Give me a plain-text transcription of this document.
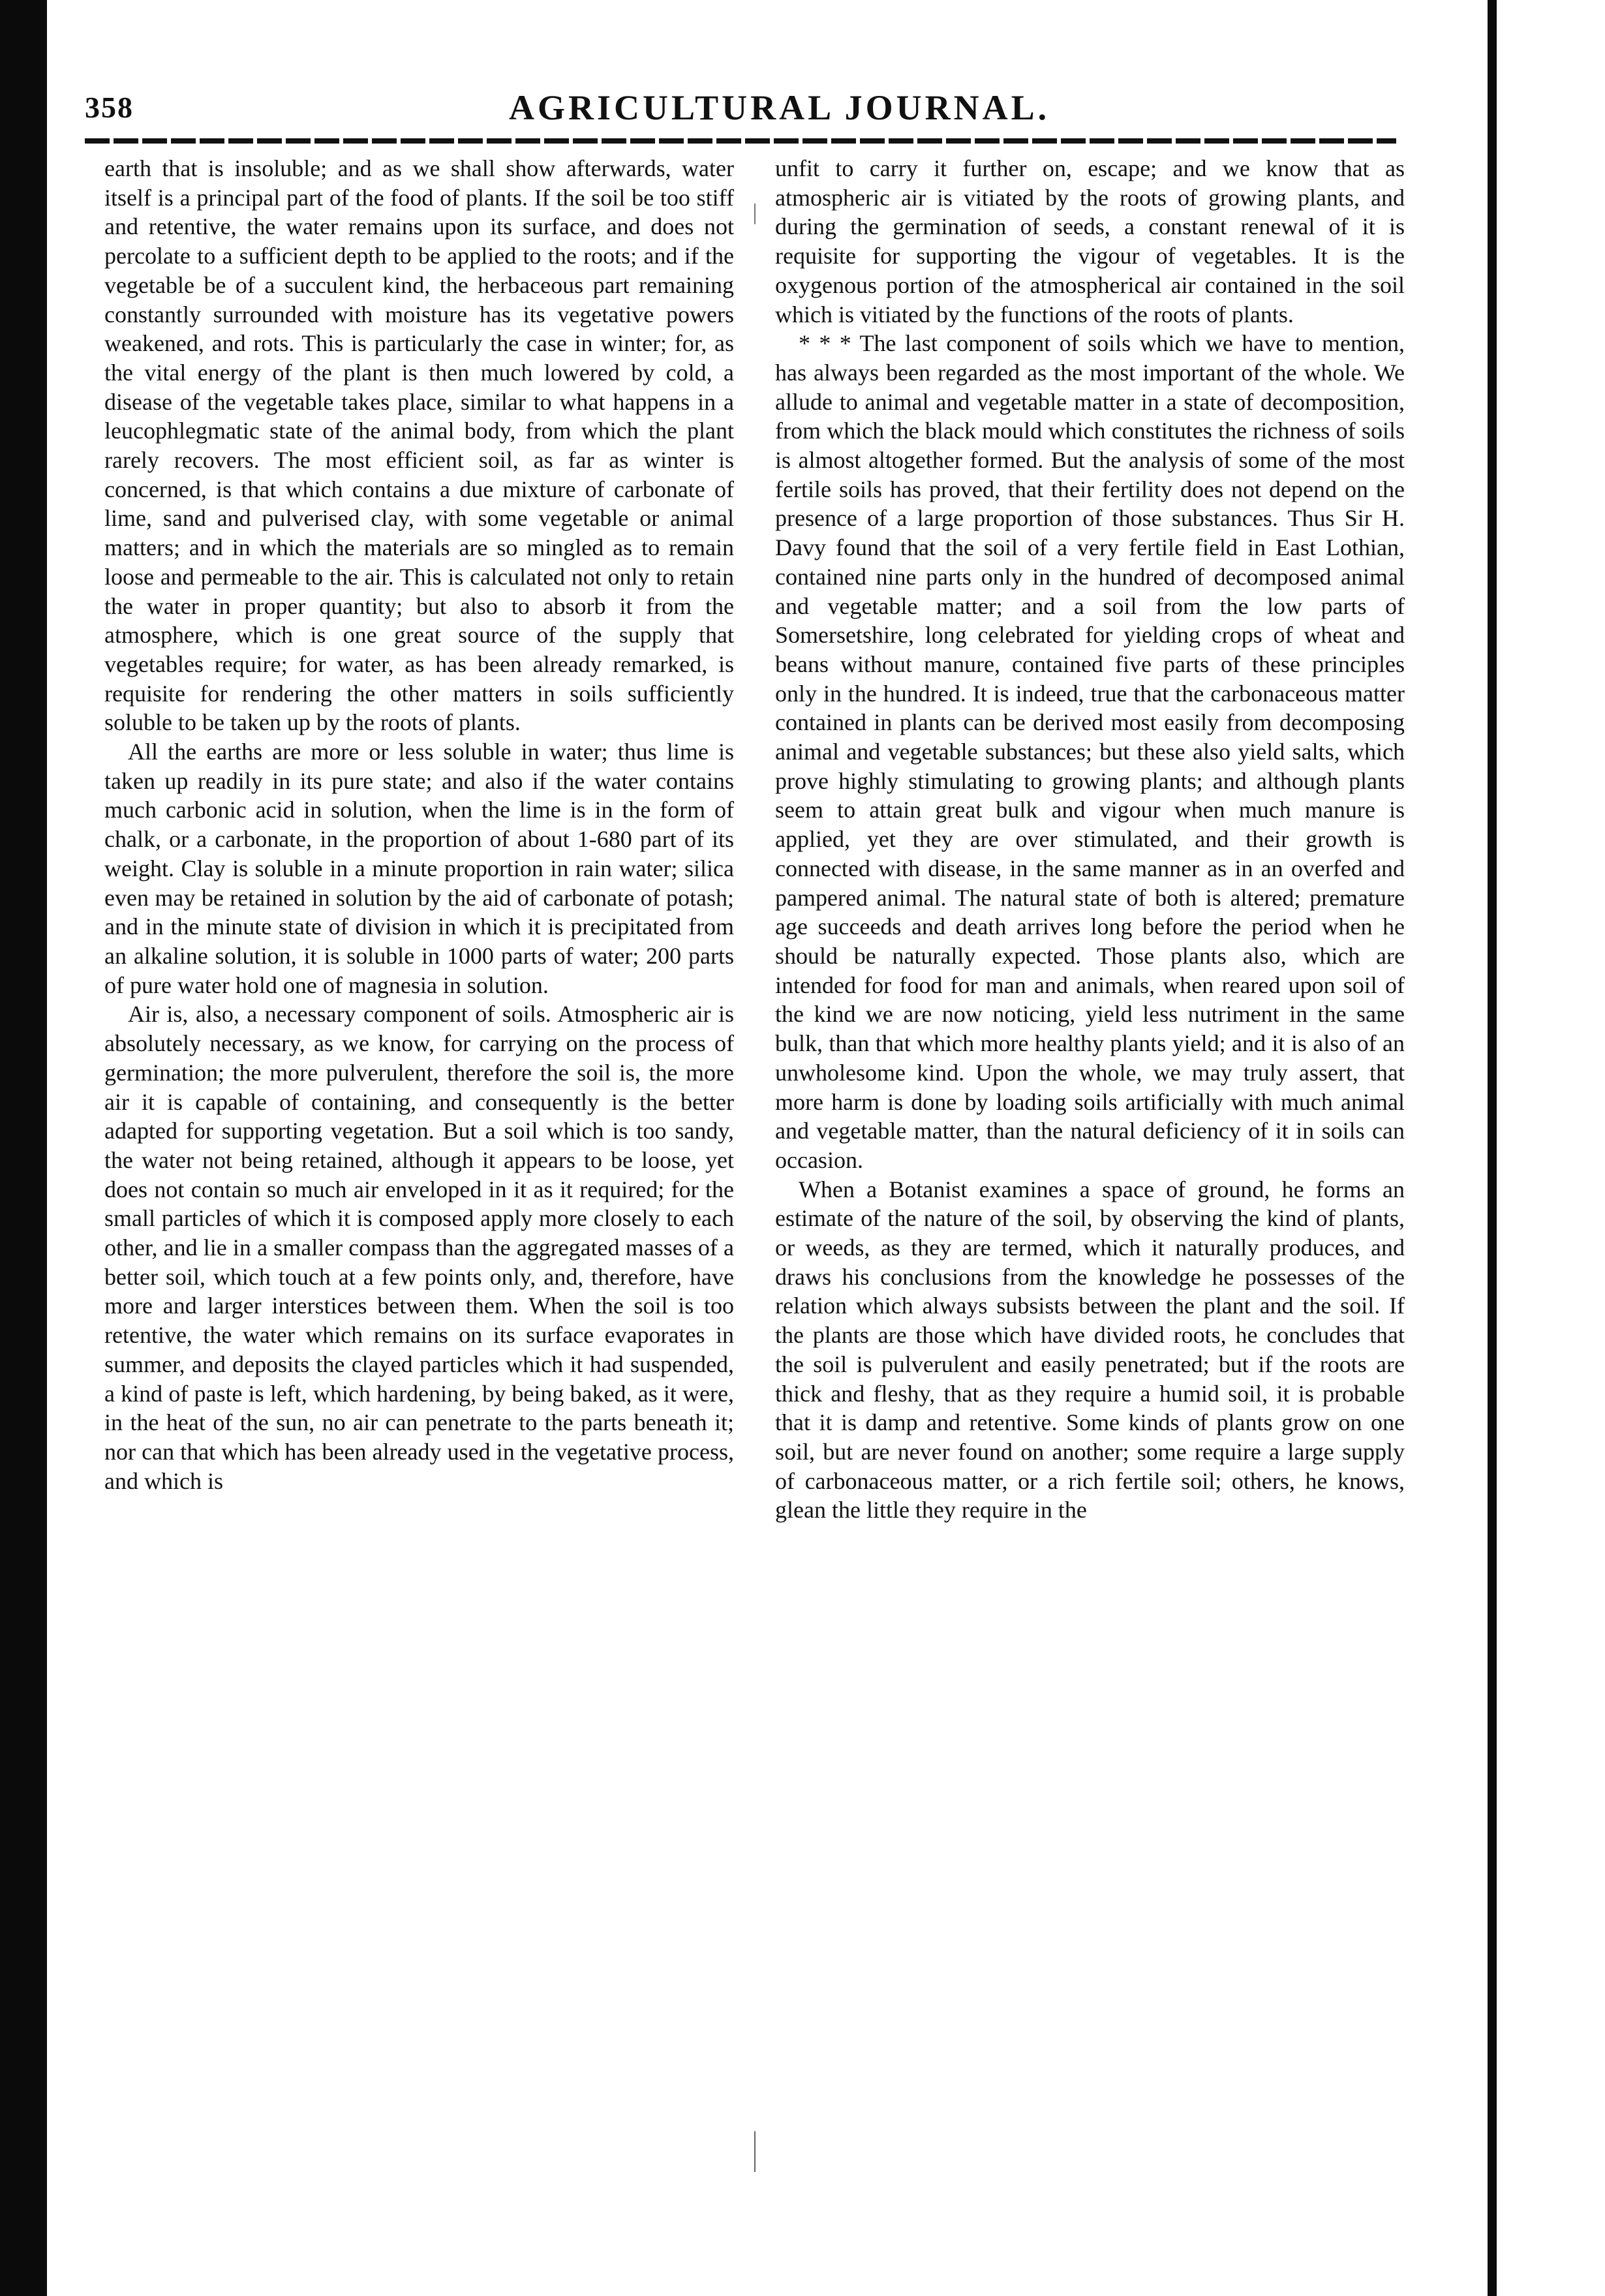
358	AGRICULTURAL JOURNAL.

earth that is insoluble; and as we shall show afterwards, water itself is a principal part of the food of plants. If the soil be too stiff and retentive, the water remains upon its surface, and does not percolate to a sufficient depth to be applied to the roots; and if the vegetable be of a succulent kind, the herbaceous part remaining constantly surrounded with moisture has its vegetative powers weakened, and rots. This is particularly the case in winter; for, as the vital energy of the plant is then much lowered by cold, a disease of the vegetable takes place, similar to what happens in a leucophlegmatic state of the animal body, from which the plant rarely recovers. The most efficient soil, as far as winter is concerned, is that which contains a due mixture of carbonate of lime, sand and pulverised clay, with some vegetable or animal matters; and in which the materials are so mingled as to remain loose and permeable to the air. This is calculated not only to retain the water in proper quantity; but also to absorb it from the atmosphere, which is one great source of the supply that vegetables require; for water, as has been already remarked, is requisite for rendering the other matters in soils sufficiently soluble to be taken up by the roots of plants.

All the earths are more or less soluble in water; thus lime is taken up readily in its pure state; and also if the water contains much carbonic acid in solution, when the lime is in the form of chalk, or a carbonate, in the proportion of about 1-680 part of its weight. Clay is soluble in a minute proportion in rain water; silica even may be retained in solution by the aid of carbonate of potash; and in the minute state of division in which it is precipitated from an alkaline solution, it is soluble in 1000 parts of water; 200 parts of pure water hold one of magnesia in solution.

Air is, also, a necessary component of soils. Atmospheric air is absolutely necessary, as we know, for carrying on the process of germination; the more pulverulent, therefore the soil is, the more air it is capable of containing, and consequently is the better adapted for supporting vegetation. But a soil which is too sandy, the water not being retained, although it appears to be loose, yet does not contain so much air enveloped in it as it required; for the small particles of which it is composed apply more closely to each other, and lie in a smaller compass than the aggregated masses of a better soil, which touch at a few points only, and, therefore, have more and larger interstices between them. When the soil is too retentive, the water which remains on its surface evaporates in summer, and deposits the clayed particles which it had suspended, a kind of paste is left, which hardening, by being baked, as it were, in the heat of the sun, no air can penetrate to the parts beneath it; nor can that which has been already used in the vegetative process, and which is

unfit to carry it further on, escape; and we know that as atmospheric air is vitiated by the roots of growing plants, and during the germination of seeds, a constant renewal of it is requisite for supporting the vigour of vegetables. It is the oxygenous portion of the atmospherical air contained in the soil which is vitiated by the functions of the roots of plants.

* * * The last component of soils which we have to mention, has always been regarded as the most important of the whole. We allude to animal and vegetable matter in a state of decomposition, from which the black mould which constitutes the richness of soils is almost altogether formed. But the analysis of some of the most fertile soils has proved, that their fertility does not depend on the presence of a large proportion of those substances. Thus Sir H. Davy found that the soil of a very fertile field in East Lothian, contained nine parts only in the hundred of decomposed animal and vegetable matter; and a soil from the low parts of Somersetshire, long celebrated for yielding crops of wheat and beans without manure, contained five parts of these principles only in the hundred. It is indeed, true that the carbonaceous matter contained in plants can be derived most easily from decomposing animal and vegetable substances; but these also yield salts, which prove highly stimulating to growing plants; and although plants seem to attain great bulk and vigour when much manure is applied, yet they are over stimulated, and their growth is connected with disease, in the same manner as in an overfed and pampered animal. The natural state of both is altered; premature age succeeds and death arrives long before the period when he should be naturally expected. Those plants also, which are intended for food for man and animals, when reared upon soil of the kind we are now noticing, yield less nutriment in the same bulk, than that which more healthy plants yield; and it is also of an unwholesome kind. Upon the whole, we may truly assert, that more harm is done by loading soils artificially with much animal and vegetable matter, than the natural deficiency of it in soils can occasion.

When a Botanist examines a space of ground, he forms an estimate of the nature of the soil, by observing the kind of plants, or weeds, as they are termed, which it naturally produces, and draws his conclusions from the knowledge he possesses of the relation which always subsists between the plant and the soil. If the plants are those which have divided roots, he concludes that the soil is pulverulent and easily penetrated; but if the roots are thick and fleshy, that as they require a humid soil, it is probable that it is damp and retentive. Some kinds of plants grow on one soil, but are never found on another; some require a large supply of carbonaceous matter, or a rich fertile soil; others, he knows, glean the little they require in the
